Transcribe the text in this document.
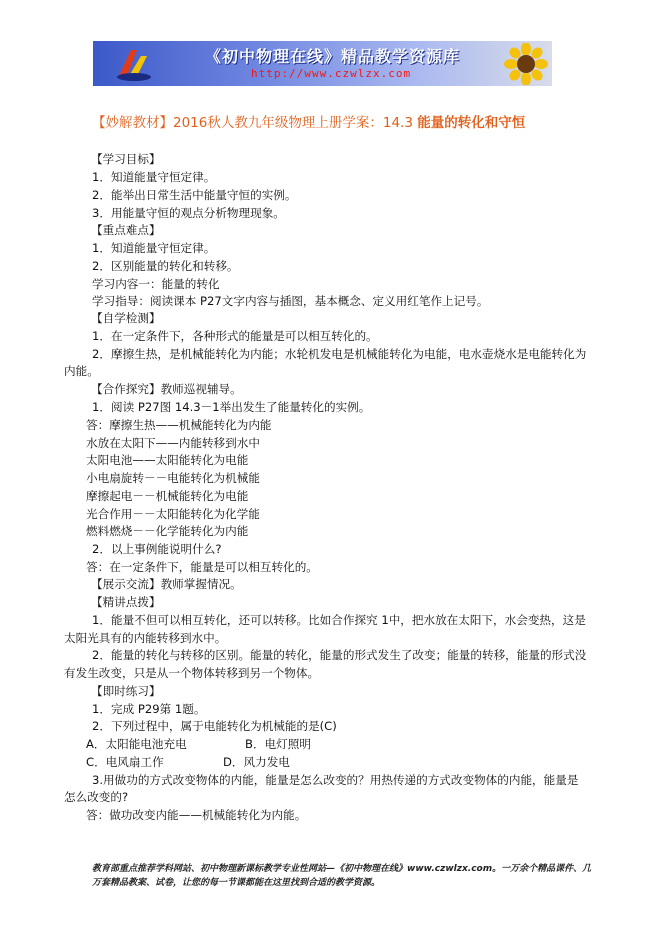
《初中物理在线》精品教学资源库
http://www.czwlzx.com
【妙解教材】2016秋人教九年级物理上册学案：14.3 能量的转化和守恒

【学习目标】

1．知道能量守恒定律。

2．能举出日常生活中能量守恒的实例。

3．用能量守恒的观点分析物理现象。

【重点难点】

1．知道能量守恒定律。

2．区别能量的转化和转移。

学习内容一：能量的转化

学习指导：阅读课本 P27文字内容与插图，基本概念、定义用红笔作上记号。

【自学检测】

1．在一定条件下，各种形式的能量是可以相互转化的。

2．摩擦生热，是机械能转化为内能；水轮机发电是机械能转化为电能，电水壶烧水是电能转化为

内能。

【合作探究】教师巡视辅导。

1．阅读 P27图 14.3－1举出发生了能量转化的实例。

答：摩擦生热——机械能转化为内能

水放在太阳下——内能转移到水中

太阳电池——太阳能转化为电能

小电扇旋转－－电能转化为机械能

摩擦起电－－机械能转化为电能

光合作用－－太阳能转化为化学能

燃料燃烧－－化学能转化为内能

2．以上事例能说明什么?

答：在一定条件下，能量是可以相互转化的。

【展示交流】教师掌握情况。

【精讲点拨】

1．能量不但可以相互转化，还可以转移。比如合作探究 1中，把水放在太阳下，水会变热，这是

太阳光具有的内能转移到水中。

2．能量的转化与转移的区别。能量的转化，能量的形式发生了改变；能量的转移，能量的形式没

有发生改变，只是从一个物体转移到另一个物体。

【即时练习】

1．完成 P29第 1题。

2．下列过程中，属于电能转化为机械能的是(C)

A．太阳能电池充电	B．电灯照明

C．电风扇工作	D．风力发电

3.用做功的方式改变物体的内能，能量是怎么改变的？用热传递的方式改变物体的内能，能量是

怎么改变的?

答：做功改变内能——机械能转化为内能。

教育部重点推荐学科网站、初中物理新课标教学专业性网站—《初中物理在线》www.czwlzx.com。一万余个精品课件、几万套精品教案、试卷，让您的每一节课都能在这里找到合适的教学资源。
